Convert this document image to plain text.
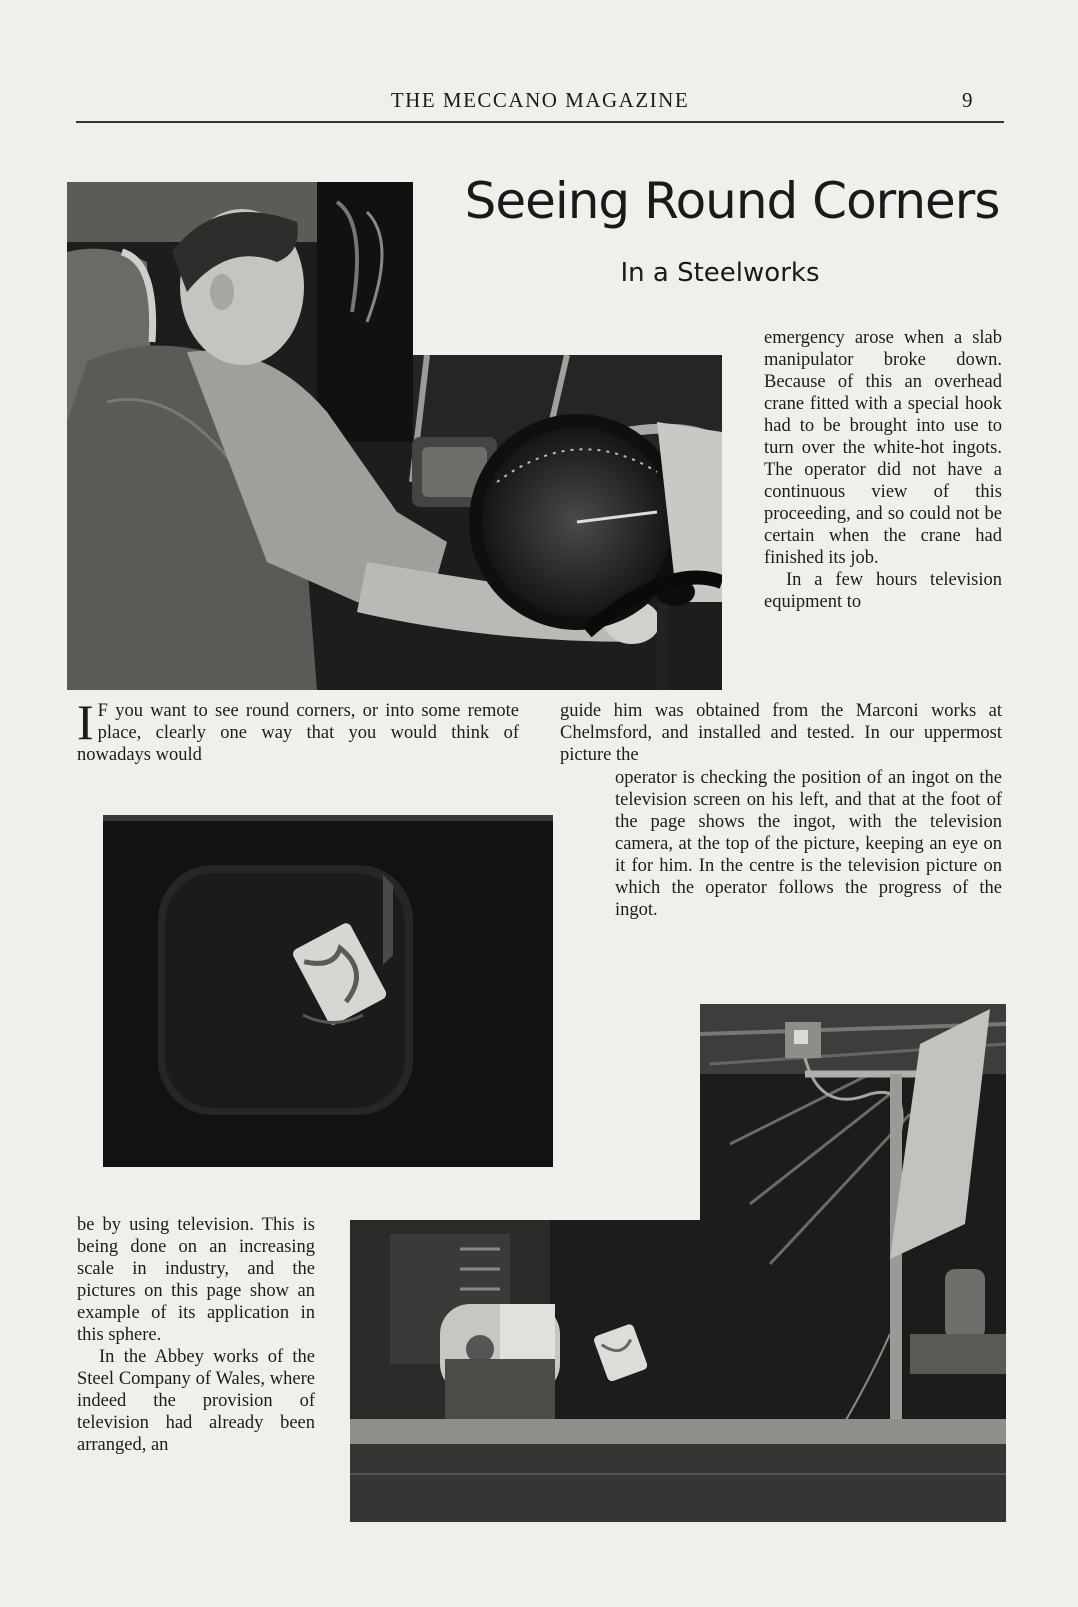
THE MECCANO MAGAZINE	9
Seeing Round Corners
In a Steelworks

emergency arose when a slab manipulator broke down. Because of this an overhead crane fitted with a special hook had to be brought into use to turn over the white-hot ingots. The operator did not have a continuous view of this proceeding, and so could not be certain when the crane had finished its job.

In a few hours television equipment to

I F you want to see round corners, or into some remote place, clearly one way that you would think of nowadays would

guide him was obtained from the Marconi works at Chelmsford, and installed and tested. In our uppermost picture the

operator is checking the position of an ingot on the television screen on his left, and that at the foot of the page shows the ingot, with the television camera, at the top of the picture, keeping an eye on it for him. In the centre is the television picture on which the operator follows the progress of the ingot.

be by using television. This is being done on an increasing scale in industry, and the pictures on this page show an example of its application in this sphere.

In the Abbey works of the Steel Company of Wales, where indeed the provision of television had already been arranged, an
